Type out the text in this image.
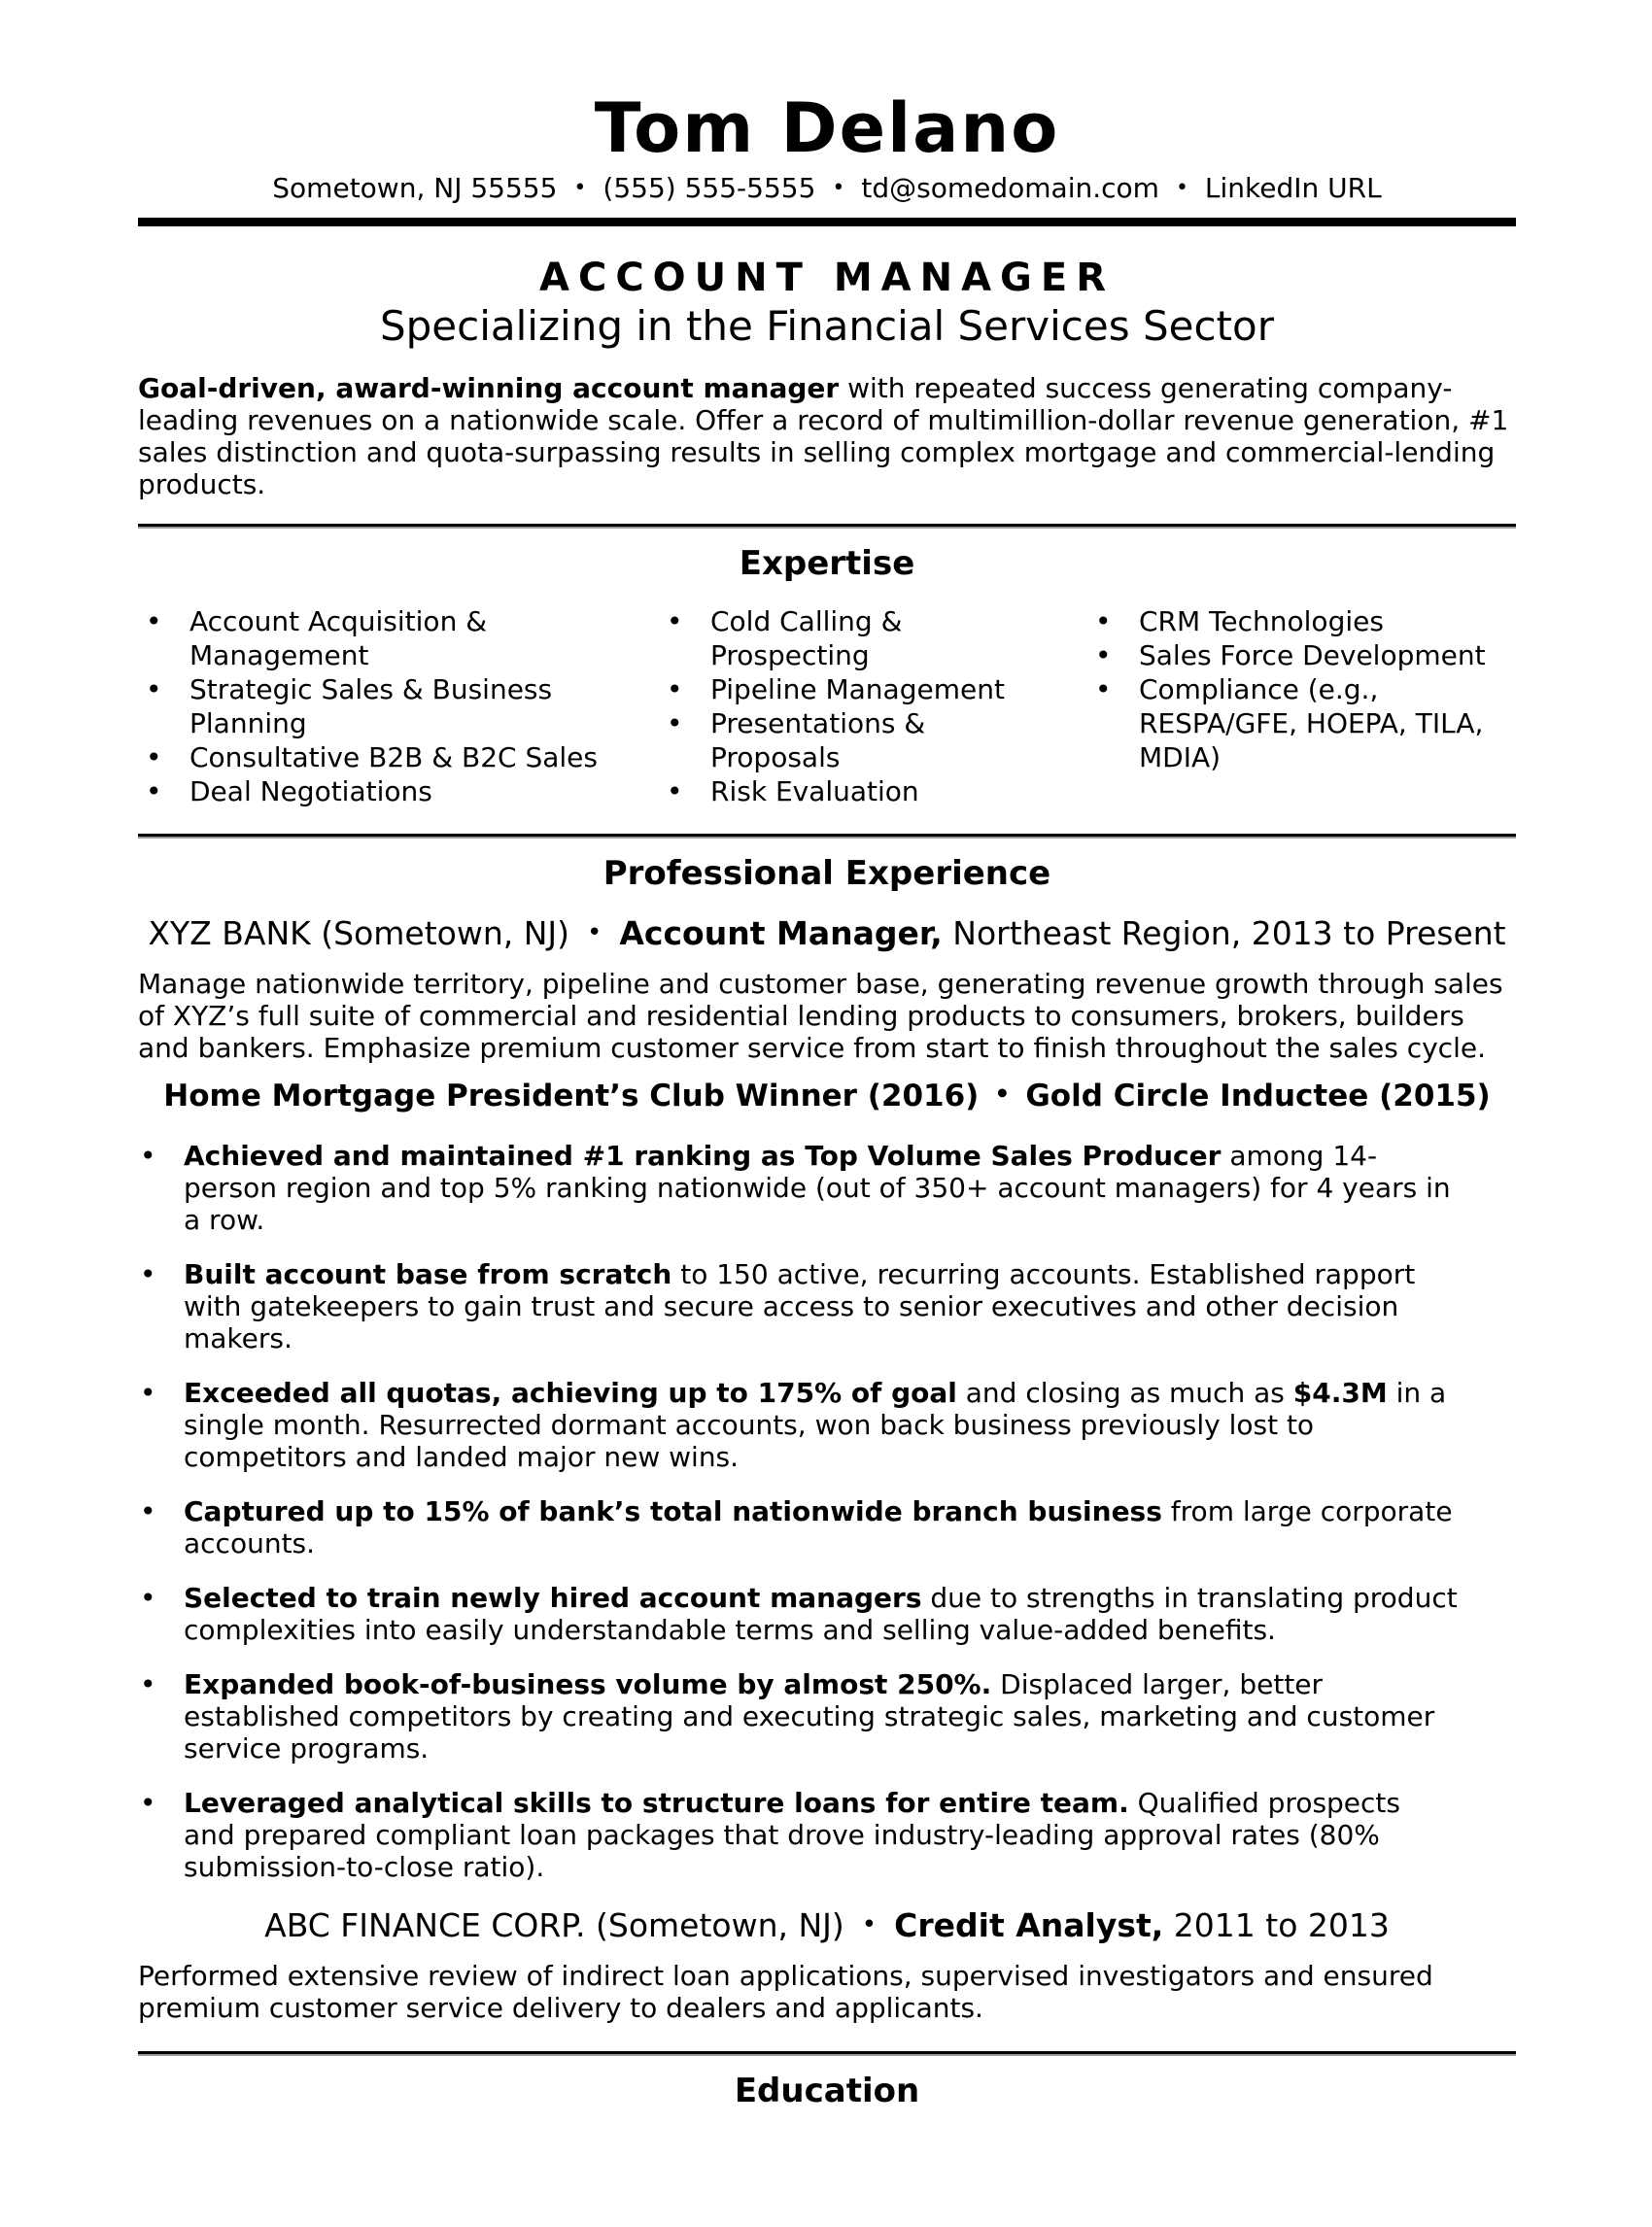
Tom Delano
Sometown, NJ 55555 • (555) 555-5555 • td@somedomain.com • LinkedIn URL
ACCOUNT MANAGER
Specializing in the Financial Services Sector

Goal-driven, award-winning account manager with repeated success generating company-leading revenues on a nationwide scale. Offer a record of multimillion-dollar revenue generation, #1 sales distinction and quota-surpassing results in selling complex mortgage and commercial-lending products.

Expertise
• Account Acquisition & Management
• Strategic Sales & Business Planning
• Consultative B2B & B2C Sales
• Deal Negotiations
• Cold Calling & Prospecting
• Pipeline Management
• Presentations & Proposals
• Risk Evaluation
• CRM Technologies
• Sales Force Development
• Compliance (e.g., RESPA/GFE, HOEPA, TILA, MDIA)
Professional Experience
XYZ BANK (Sometown, NJ) • Account Manager, Northeast Region, 2013 to Present

Manage nationwide territory, pipeline and customer base, generating revenue growth through sales of XYZ’s full suite of commercial and residential lending products to consumers, brokers, builders and bankers. Emphasize premium customer service from start to finish throughout the sales cycle.

Home Mortgage President’s Club Winner (2016) • Gold Circle Inductee (2015)
• Achieved and maintained #1 ranking as Top Volume Sales Producer among 14-person region and top 5% ranking nationwide (out of 350+ account managers) for 4 years in a row.
• Built account base from scratch to 150 active, recurring accounts. Established rapport with gatekeepers to gain trust and secure access to senior executives and other decision makers.
• Exceeded all quotas, achieving up to 175% of goal and closing as much as $4.3M in a single month. Resurrected dormant accounts, won back business previously lost to competitors and landed major new wins.
• Captured up to 15% of bank’s total nationwide branch business from large corporate accounts.
• Selected to train newly hired account managers due to strengths in translating product complexities into easily understandable terms and selling value-added benefits.
• Expanded book-of-business volume by almost 250%. Displaced larger, better established competitors by creating and executing strategic sales, marketing and customer service programs.
• Leveraged analytical skills to structure loans for entire team. Qualified prospects and prepared compliant loan packages that drove industry-leading approval rates (80% submission-to-close ratio).
ABC FINANCE CORP. (Sometown, NJ) • Credit Analyst, 2011 to 2013

Performed extensive review of indirect loan applications, supervised investigators and ensured premium customer service delivery to dealers and applicants.

Education
